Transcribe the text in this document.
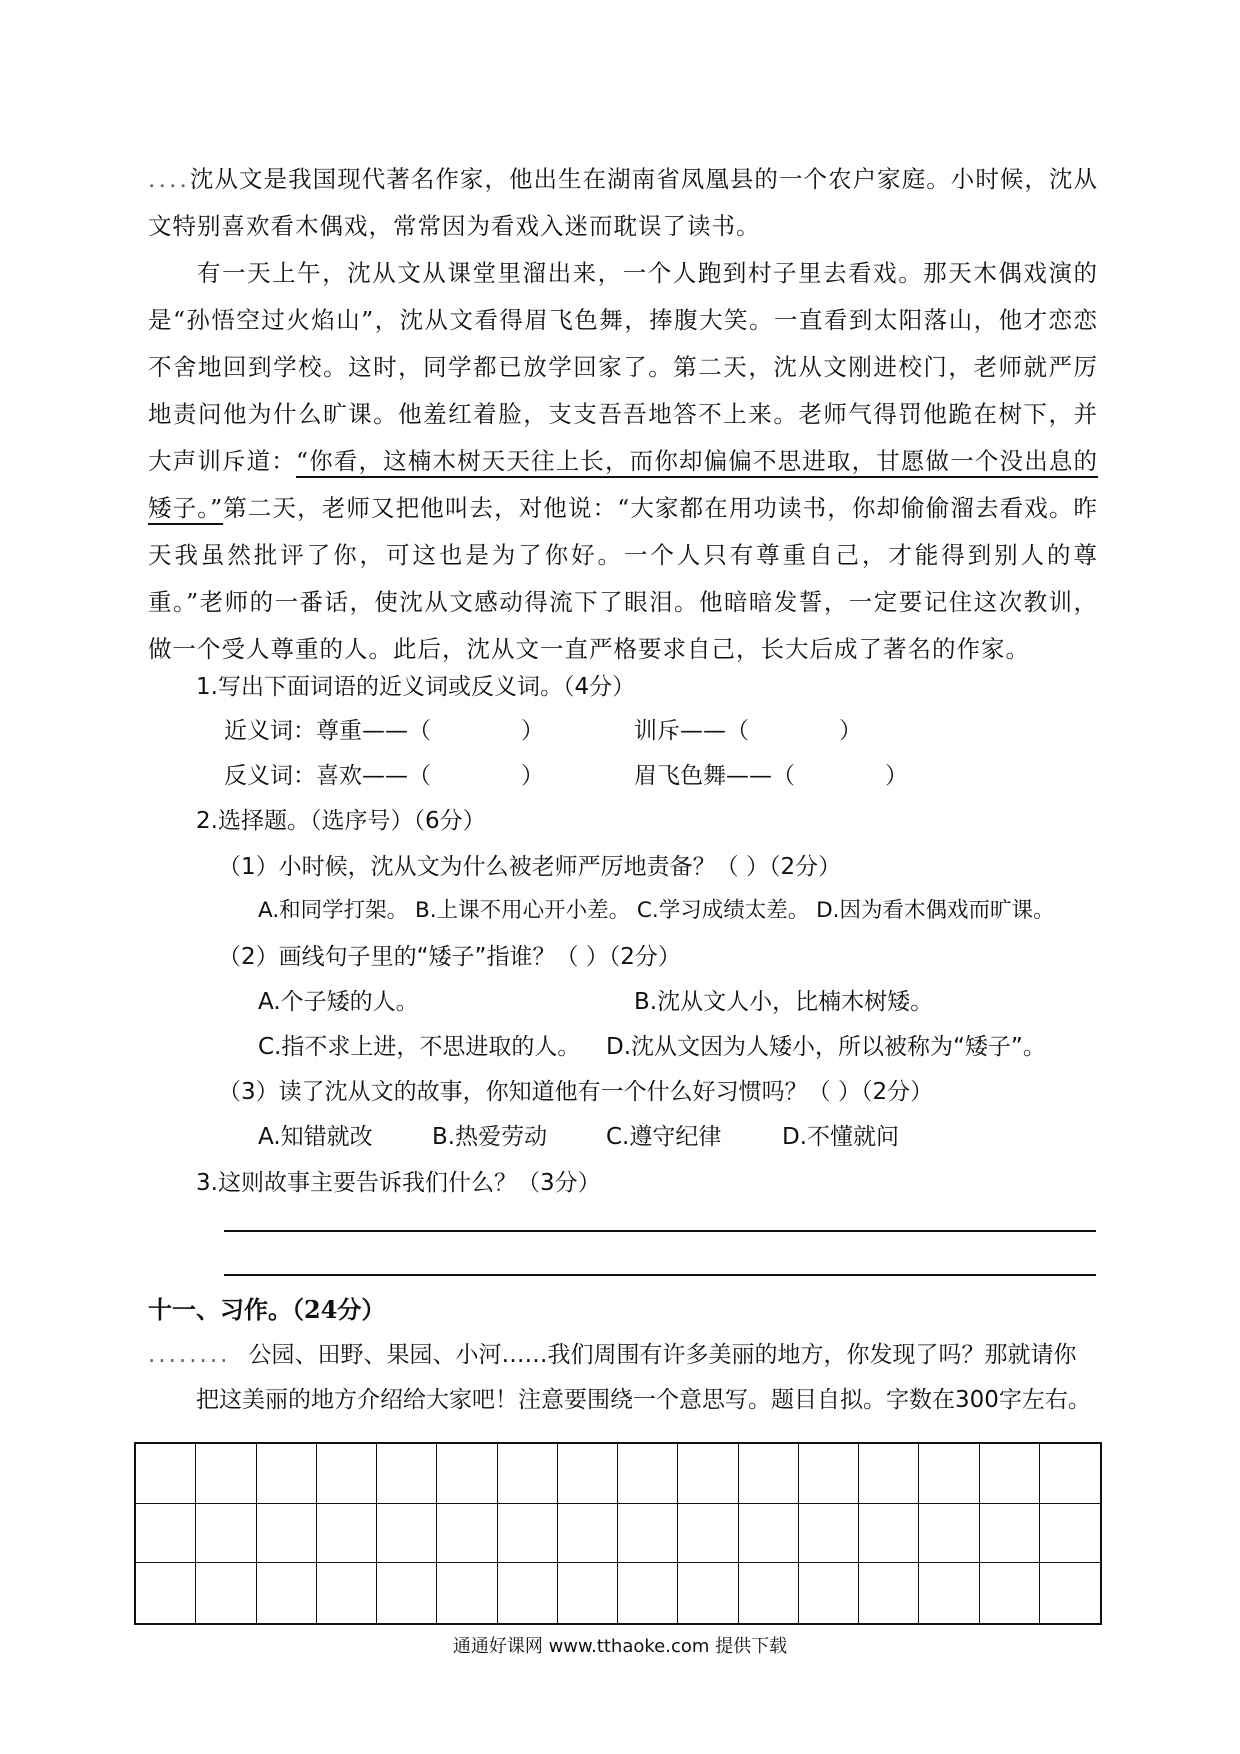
....沈从文是我国现代著名作家，他出生在湖南省凤凰县的一个农户家庭。小时候，沈从文特别喜欢看木偶戏，常常因为看戏入迷而耽误了读书。

有一天上午，沈从文从课堂里溜出来，一个人跑到村子里去看戏。那天木偶戏演的是“孙悟空过火焰山”，沈从文看得眉飞色舞，捧腹大笑。一直看到太阳落山，他才恋恋不舍地回到学校。这时，同学都已放学回家了。第二天，沈从文刚进校门，老师就严厉地责问他为什么旷课。他羞红着脸，支支吾吾地答不上来。老师气得罚他跪在树下，并大声训斥道：“你看，这楠木树天天往上长，而你却偏偏不思进取，甘愿做一个没出息的矮子。”第二天，老师又把他叫去，对他说：“大家都在用功读书，你却偷偷溜去看戏。昨天我虽然批评了你，可这也是为了你好。一个人只有尊重自己，才能得到别人的尊重。”老师的一番话，使沈从文感动得流下了眼泪。他暗暗发誓，一定要记住这次教训，做一个受人尊重的人。此后，沈从文一直严格要求自己，长大后成了著名的作家。

1.写出下面词语的近义词或反义词。（4分）

近义词：尊重——（	）	训斥——（	）

反义词：喜欢——（	）	眉飞色舞——（	）

2.选择题。（选序号）（6分）

（1）小时候，沈从文为什么被老师严厉地责备？（ ）（2分）

A.和同学打架。 B.上课不用心开小差。 C.学习成绩太差。 D.因为看木偶戏而旷课。

（2）画线句子里的“矮子”指谁？（ ）（2分）

A.个子矮的人。	B.沈从文人小，比楠木树矮。

C.指不求上进，不思进取的人。 D.沈从文因为人矮小，所以被称为“矮子”。

（3）读了沈从文的故事，你知道他有一个什么好习惯吗？（ ）（2分）

A.知错就改	B.热爱劳动	C.遵守纪律	D.不懂就问

3.这则故事主要告诉我们什么？（3分）

十一、习作。（24分）

........ 公园、田野、果园、小河……我们周围有许多美丽的地方，你发现了吗？那就请你

把这美丽的地方介绍给大家吧！注意要围绕一个意思写。题目自拟。字数在300字左右。

通通好课网 www.tthaoke.com 提供下载
